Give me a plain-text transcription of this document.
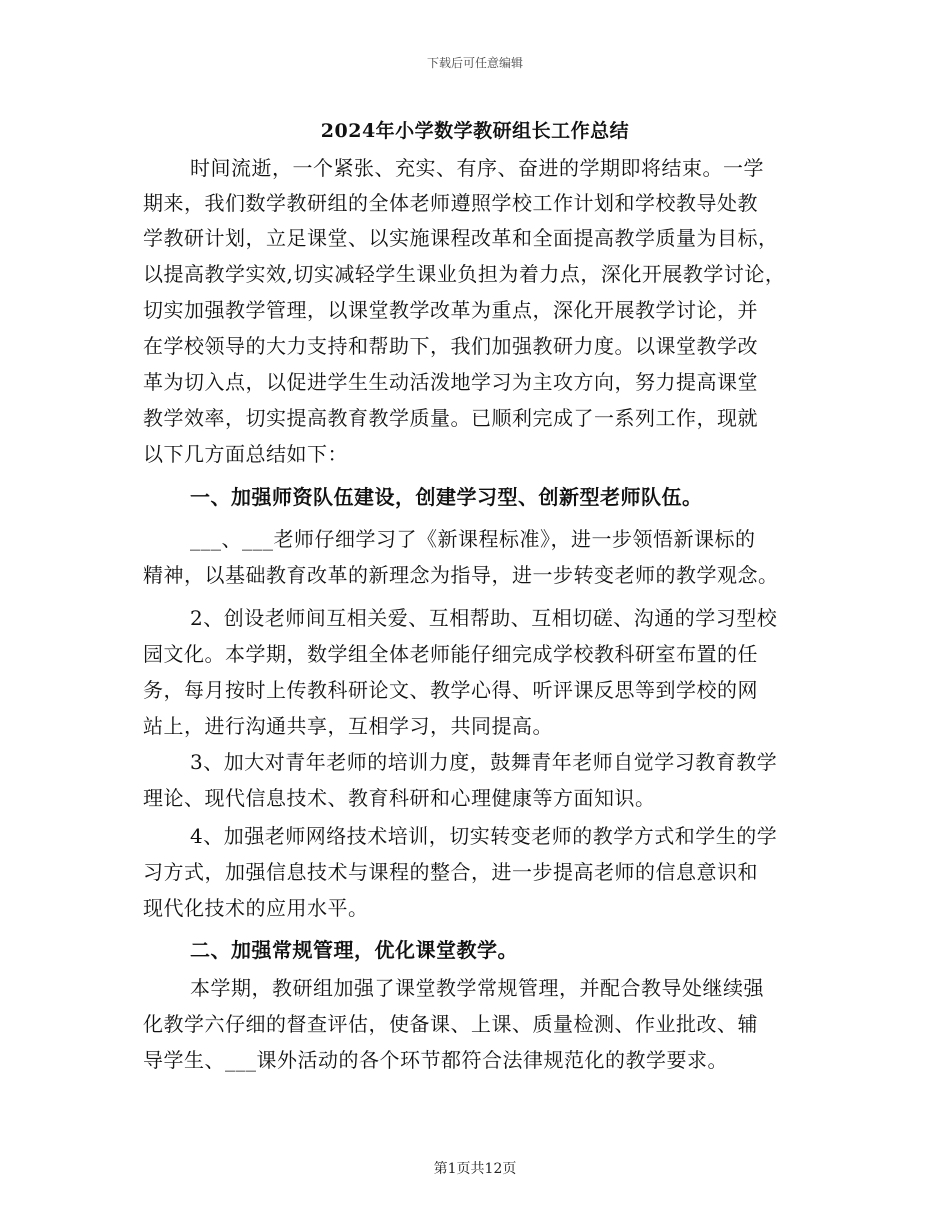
下载后可任意编辑
2024年小学数学教研组长工作总结
时间流逝，一个紧张、充实、有序、奋进的学期即将结束。一学
期来，我们数学教研组的全体老师遵照学校工作计划和学校教导处教
学教研计划，立足课堂、以实施课程改革和全面提高教学质量为目标，
以提高教学实效,切实减轻学生课业负担为着力点，深化开展教学讨论，
切实加强教学管理，以课堂教学改革为重点，深化开展教学讨论，并
在学校领导的大力支持和帮助下，我们加强教研力度。以课堂教学改
革为切入点，以促进学生生动活泼地学习为主攻方向，努力提高课堂
教学效率，切实提高教育教学质量。已顺利完成了一系列工作，现就
以下几方面总结如下：
一、加强师资队伍建设，创建学习型、创新型老师队伍。
___、___老师仔细学习了《新课程标准》，进一步领悟新课标的
精神，以基础教育改革的新理念为指导，进一步转变老师的教学观念。
2、创设老师间互相关爱、互相帮助、互相切磋、沟通的学习型校
园文化。本学期，数学组全体老师能仔细完成学校教科研室布置的任
务，每月按时上传教科研论文、教学心得、听评课反思等到学校的网
站上，进行沟通共享，互相学习，共同提高。
3、加大对青年老师的培训力度，鼓舞青年老师自觉学习教育教学
理论、现代信息技术、教育科研和心理健康等方面知识。
4、加强老师网络技术培训，切实转变老师的教学方式和学生的学
习方式，加强信息技术与课程的整合，进一步提高老师的信息意识和
现代化技术的应用水平。
二、加强常规管理，优化课堂教学。
本学期，教研组加强了课堂教学常规管理，并配合教导处继续强
化教学六仔细的督查评估，使备课、上课、质量检测、作业批改、辅
导学生、___课外活动的各个环节都符合法律规范化的教学要求。
第1页共12页
